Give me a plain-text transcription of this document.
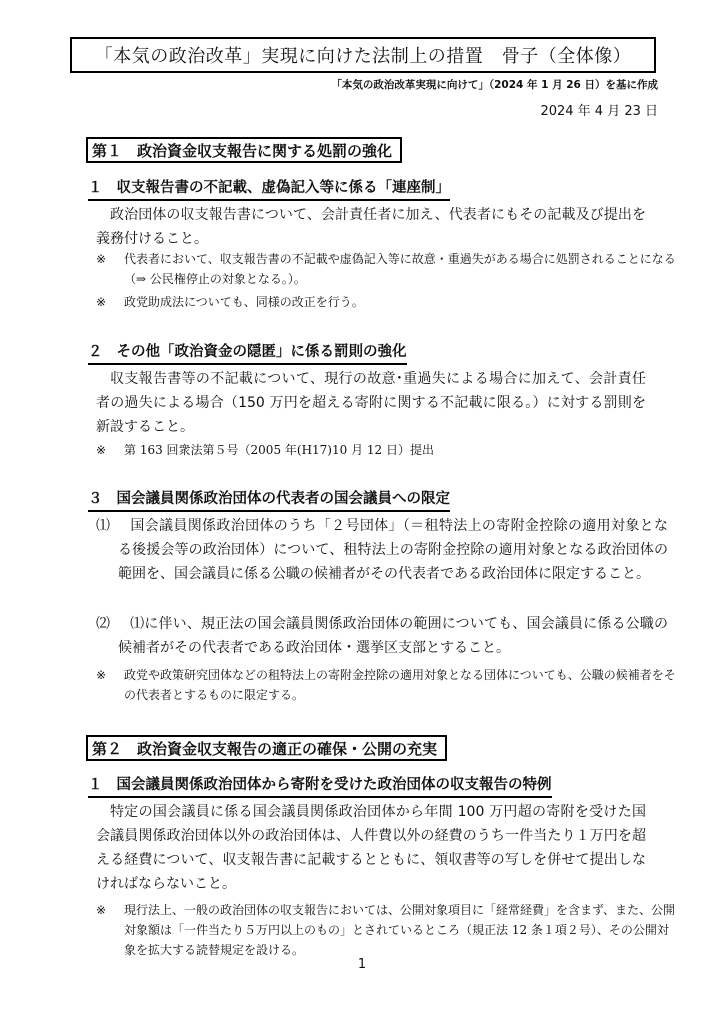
「本気の政治改革」実現に向けた法制上の措置　骨子（全体像）
「本気の政治改革実現に向けて」（2024 年 1 月 26 日）を基に作成
2024 年 4 月 23 日
第１　政治資金収支報告に関する処罰の強化
１ 収支報告書の不記載、虚偽記入等に係る「連座制」

政治団体の収支報告書について、会計責任者に加え、代表者にもその記載及び提出を義務付けること。

※ 代表者において、収支報告書の不記載や虚偽記入等に故意・重過失がある場合に処罰されることになる（⇒ 公民権停止の対象となる。）。

※ 政党助成法についても、同様の改正を行う。

２ その他「政治資金の隠匿」に係る罰則の強化

収支報告書等の不記載について、現行の故意･重過失による場合に加えて、会計責任者の過失による場合（150 万円を超える寄附に関する不記載に限る。）に対する罰則を新設すること。

※ 第 163 回衆法第５号（2005 年(H17)10 月 12 日）提出

３ 国会議員関係政治団体の代表者の国会議員への限定

⑴ 国会議員関係政治団体のうち「２号団体」（＝租特法上の寄附金控除の適用対象となる後援会等の政治団体）について、租特法上の寄附金控除の適用対象となる政治団体の範囲を、国会議員に係る公職の候補者がその代表者である政治団体に限定すること。

⑵ ⑴に伴い、規正法の国会議員関係政治団体の範囲についても、国会議員に係る公職の候補者がその代表者である政治団体・選挙区支部とすること。

※ 政党や政策研究団体などの租特法上の寄附金控除の適用対象となる団体についても、公職の候補者をその代表者とするものに限定する。

第２　政治資金収支報告の適正の確保・公開の充実
１ 国会議員関係政治団体から寄附を受けた政治団体の収支報告の特例

特定の国会議員に係る国会議員関係政治団体から年間 100 万円超の寄附を受けた国会議員関係政治団体以外の政治団体は、人件費以外の経費のうち一件当たり１万円を超える経費について、収支報告書に記載するとともに、領収書等の写しを併せて提出しなければならないこと。

※ 現行法上、一般の政治団体の収支報告においては、公開対象項目に「経常経費」を含まず、また、公開対象額は「一件当たり５万円以上のもの」とされているところ（規正法 12 条１項２号）、その公開対象を拡大する読替規定を設ける。

1
